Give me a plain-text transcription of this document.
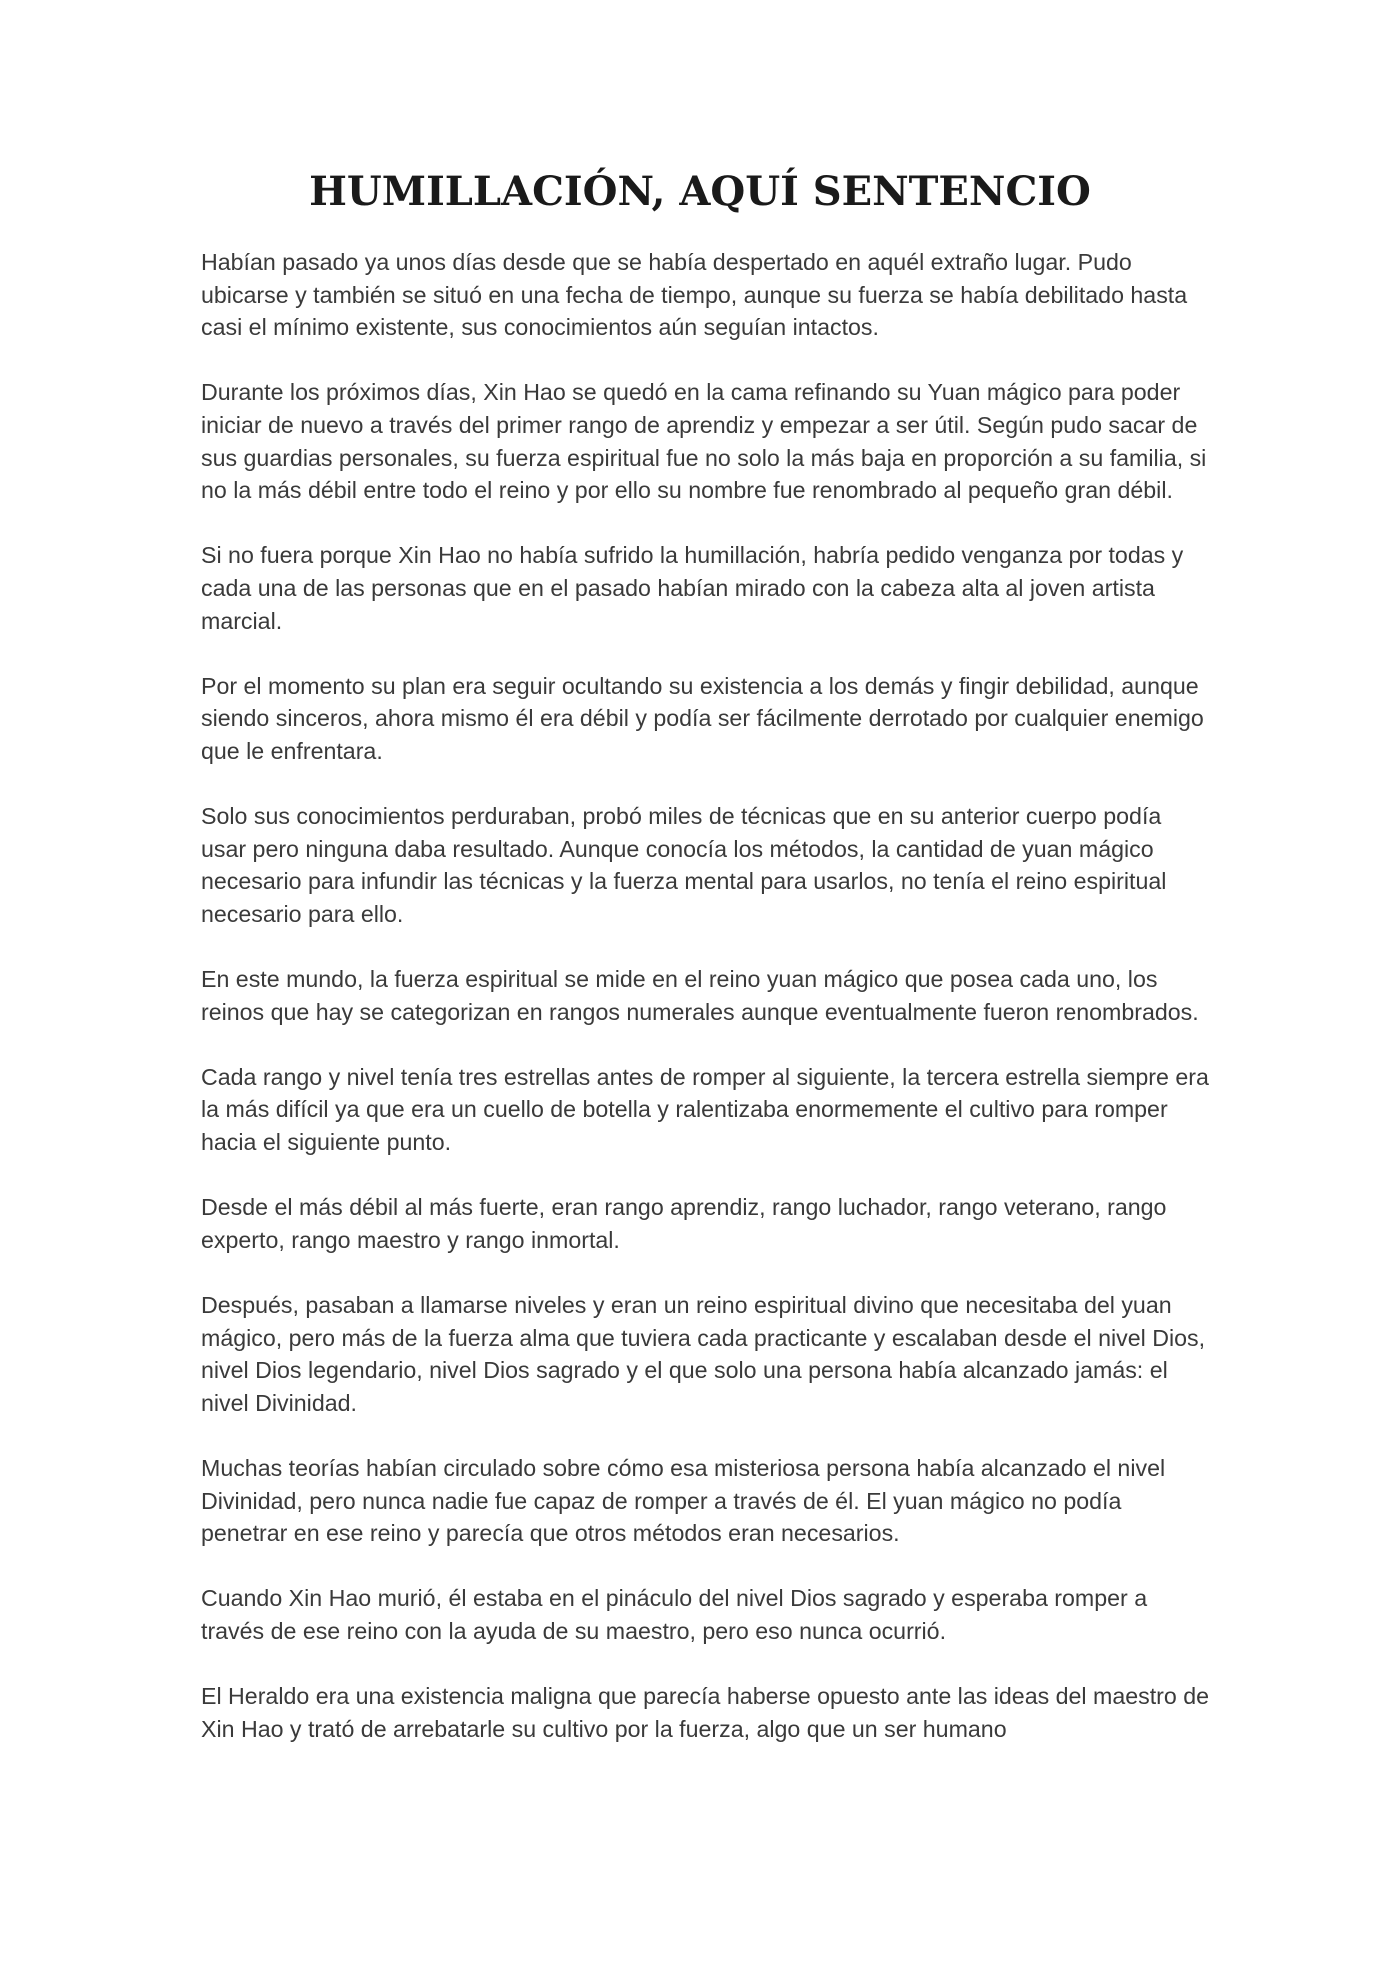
HUMILLACIÓN, AQUÍ SENTENCIO

Habían pasado ya unos días desde que se había despertado en aquél extraño lugar. Pudo ubicarse y también se situó en una fecha de tiempo, aunque su fuerza se había debilitado hasta casi el mínimo existente, sus conocimientos aún seguían intactos.

Durante los próximos días, Xin Hao se quedó en la cama refinando su Yuan mágico para poder iniciar de nuevo a través del primer rango de aprendiz y empezar a ser útil. Según pudo sacar de sus guardias personales, su fuerza espiritual fue no solo la más baja en proporción a su familia, si no la más débil entre todo el reino y por ello su nombre fue renombrado al pequeño gran débil.

Si no fuera porque Xin Hao no había sufrido la humillación, habría pedido venganza por todas y cada una de las personas que en el pasado habían mirado con la cabeza alta al joven artista marcial.

Por el momento su plan era seguir ocultando su existencia a los demás y fingir debilidad, aunque siendo sinceros, ahora mismo él era débil y podía ser fácilmente derrotado por cualquier enemigo que le enfrentara.

Solo sus conocimientos perduraban, probó miles de técnicas que en su anterior cuerpo podía usar pero ninguna daba resultado. Aunque conocía los métodos, la cantidad de yuan mágico necesario para infundir las técnicas y la fuerza mental para usarlos, no tenía el reino espiritual necesario para ello.

En este mundo, la fuerza espiritual se mide en el reino yuan mágico que posea cada uno, los reinos que hay se categorizan en rangos numerales aunque eventualmente fueron renombrados.

Cada rango y nivel tenía tres estrellas antes de romper al siguiente, la tercera estrella siempre era la más difícil ya que era un cuello de botella y ralentizaba enormemente el cultivo para romper hacia el siguiente punto.

Desde el más débil al más fuerte, eran rango aprendiz, rango luchador, rango veterano, rango experto, rango maestro y rango inmortal.

Después, pasaban a llamarse niveles y eran un reino espiritual divino que necesitaba del yuan mágico, pero más de la fuerza alma que tuviera cada practicante y escalaban desde el nivel Dios, nivel Dios legendario, nivel Dios sagrado y el que solo una persona había alcanzado jamás: el nivel Divinidad.

Muchas teorías habían circulado sobre cómo esa misteriosa persona había alcanzado el nivel Divinidad, pero nunca nadie fue capaz de romper a través de él. El yuan mágico no podía penetrar en ese reino y parecía que otros métodos eran necesarios.

Cuando Xin Hao murió, él estaba en el pináculo del nivel Dios sagrado y esperaba romper a través de ese reino con la ayuda de su maestro, pero eso nunca ocurrió.

El Heraldo era una existencia maligna que parecía haberse opuesto ante las ideas del maestro de Xin Hao y trató de arrebatarle su cultivo por la fuerza, algo que un ser humano
